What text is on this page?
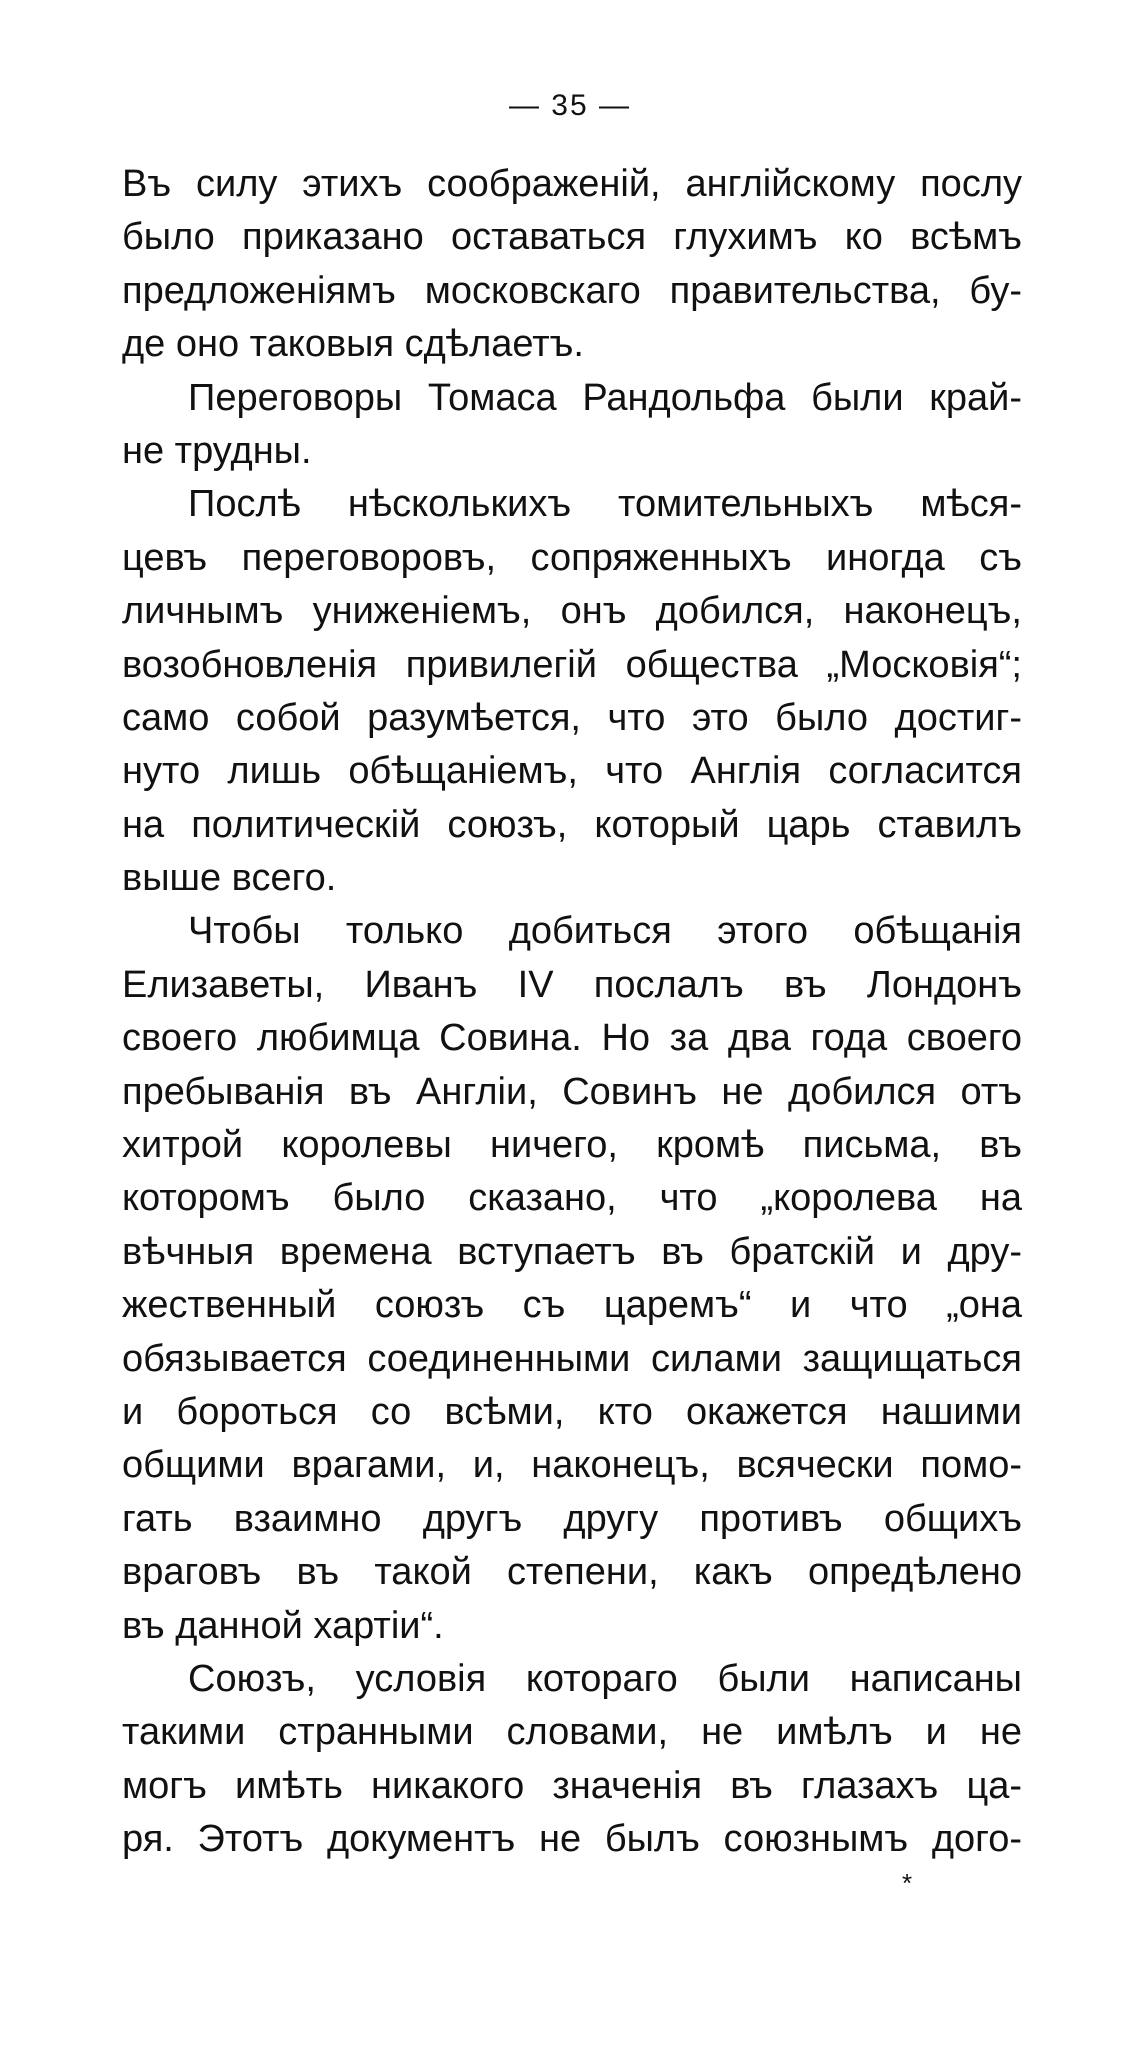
— 35 —
Въ силу этихъ соображеній, англійскому послу
было приказано оставаться глухимъ ко всѣмъ
предложеніямъ московскаго правительства, бу-
де оно таковыя сдѣлаетъ.
Переговоры Томаса Рандольфа были край-
не трудны.
Послѣ нѣсколькихъ томительныхъ мѣся-
цевъ переговоровъ, сопряженныхъ иногда съ
личнымъ униженіемъ, онъ добился, наконецъ,
возобновленія привилегій общества „Московія“;
само собой разумѣется, что это было достиг-
нуто лишь обѣщаніемъ, что Англія согласится
на политическій союзъ, который царь ставилъ
выше всего.
Чтобы только добиться этого обѣщанія
Елизаветы, Иванъ IV послалъ въ Лондонъ
своего любимца Совина. Но за два года своего
пребыванія въ Англіи, Совинъ не добился отъ
хитрой королевы ничего, кромѣ письма, въ
которомъ было сказано, что „королева на
вѣчныя времена вступаетъ въ братскій и дру-
жественный союзъ съ царемъ“ и что „она
обязывается соединенными силами защищаться
и бороться со всѣми, кто окажется нашими
общими врагами, и, наконецъ, всячески помо-
гать взаимно другъ другу противъ общихъ
враговъ въ такой степени, какъ опредѣлено
въ данной хартіи“.
Союзъ, условія котораго были написаны
такими странными словами, не имѣлъ и не
могъ имѣть никакого значенія въ глазахъ ца-
ря. Этотъ документъ не былъ союзнымъ дого-
*
